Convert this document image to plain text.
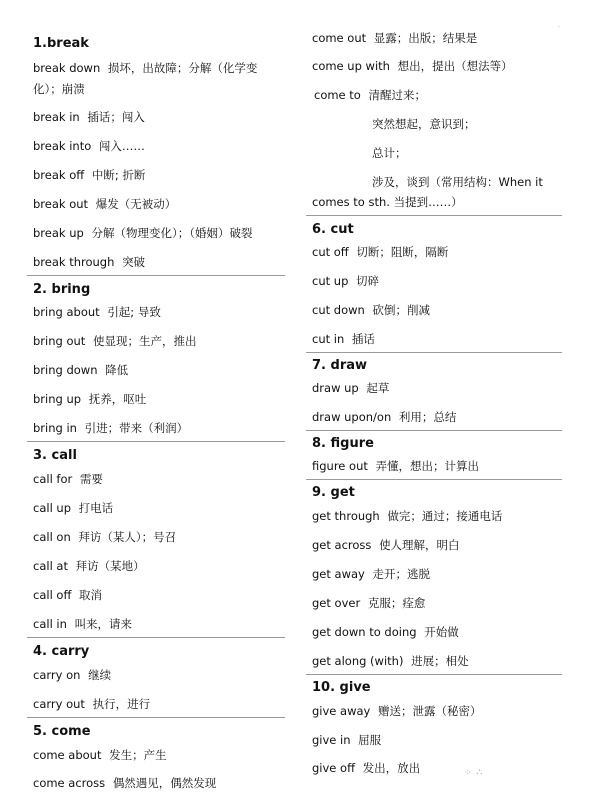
1.break
break down 损坏，出故障；分解（化学变化）；崩溃
break in 插话；闯入
break into 闯入……
break off 中断; 折断
break out 爆发（无被动）
break up 分解（物理变化）；（婚姻）破裂
break through 突破
2. bring
bring about 引起; 导致
bring out 使显现；生产，推出
bring down 降低
bring up 抚养，呕吐
bring in 引进；带来（利润）
3. call
call for 需要
call up 打电话
call on 拜访（某人）；号召
call at 拜访（某地）
call off 取消
call in 叫来，请来
4. carry
carry on 继续
carry out 执行，进行
5. come
come about 发生；产生
come across 偶然遇见，偶然发现
come out 显露；出版；结果是
come up with 想出，提出（想法等）
come to 清醒过来；
突然想起，意识到；
总计；
涉及，谈到（常用结构：When it
comes to sth. 当提到……）
6. cut
cut off 切断；阻断，隔断
cut up 切碎
cut down 砍倒；削减
cut in 插话
7. draw
draw up 起草
draw upon/on 利用；总结
8. figure
figure out 弄懂，想出；计算出
9. get
get through 做完；通过；接通电话
get across 使人理解，明白
get away 走开；逃脱
get over 克服；痊愈
get down to doing 开始做
get along (with) 进展；相处
10. give
give away 赠送；泄露（秘密）
give in 屈服
give off 发出，放出
·
⁘ ∴
